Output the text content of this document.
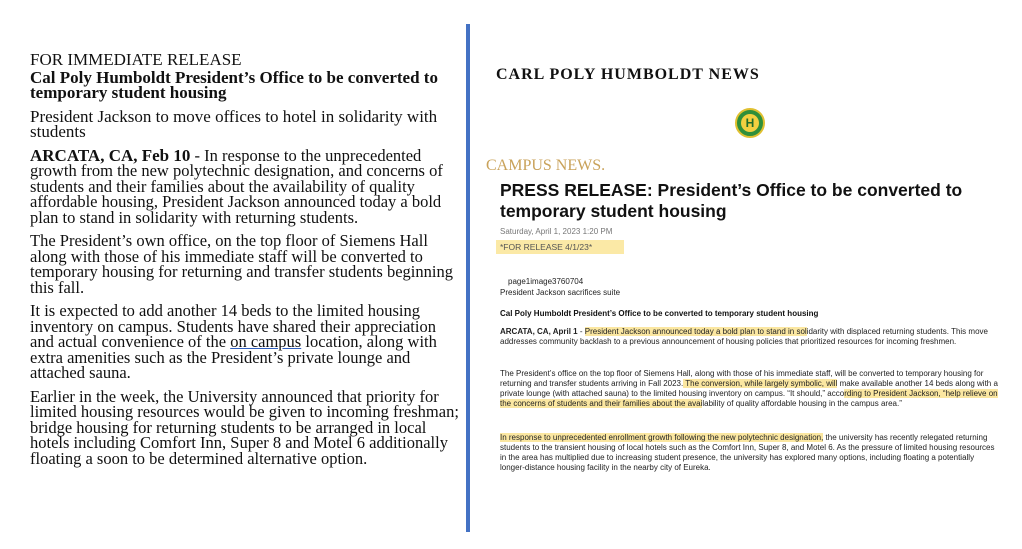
FOR IMMEDIATE RELEASE

Cal Poly Humboldt President’s Office to be converted to temporary student housing

President Jackson to move offices to hotel in solidarity with students

ARCATA, CA, Feb 10 - In response to the unprecedented growth from the new polytechnic designation, and concerns of students and their families about the availability of quality affordable housing, President Jackson announced today a bold plan to stand in solidarity with returning students.

The President’s own office, on the top floor of Siemens Hall along with those of his immediate staff will be converted to temporary housing for returning and transfer students beginning this fall.

It is expected to add another 14 beds to the limited housing inventory on campus. Students have shared their appreciation and actual convenience of the on campus location, along with extra amenities such as the President’s private lounge and attached sauna.

Earlier in the week, the University announced that priority for limited housing resources would be given to incoming freshman; bridge housing for returning students to be arranged in local hotels including Comfort Inn, Super 8 and Motel 6 additionally floating a soon to be determined alternative option.

CARL POLY HUMBOLDT NEWS
H
CAMPUS NEWS.
PRESS RELEASE: President’s Office to be converted to temporary student housing
Saturday, April 1, 2023 1:20 PM
*FOR RELEASE 4/1/23*
page1image3760704
President Jackson sacrifices suite
Cal Poly Humboldt President’s Office to be converted to temporary student housing
ARCATA, CA, April 1 - President Jackson announced today a bold plan to stand in solidarity with displaced returning students. This move addresses community backlash to a previous announcement of housing policies that prioritized resources for incoming freshmen.
The President’s office on the top floor of Siemens Hall, along with those of his immediate staff, will be converted to temporary housing for returning and transfer students arriving in Fall 2023. The conversion, while largely symbolic, will make available another 14 beds along with a private lounge (with attached sauna) to the limited housing inventory on campus. “It should,” according to President Jackson, “help relieve on the concerns of students and their families about the availability of quality affordable housing in the campus area.”
In response to unprecedented enrollment growth following the new polytechnic designation, the university has recently relegated returning students to the transient housing of local hotels such as the Comfort Inn, Super 8, and Motel 6. As the pressure of limited housing resources in the area has multiplied due to increasing student presence, the university has explored many options, including floating a potentially longer-distance housing facility in the nearby city of Eureka.
